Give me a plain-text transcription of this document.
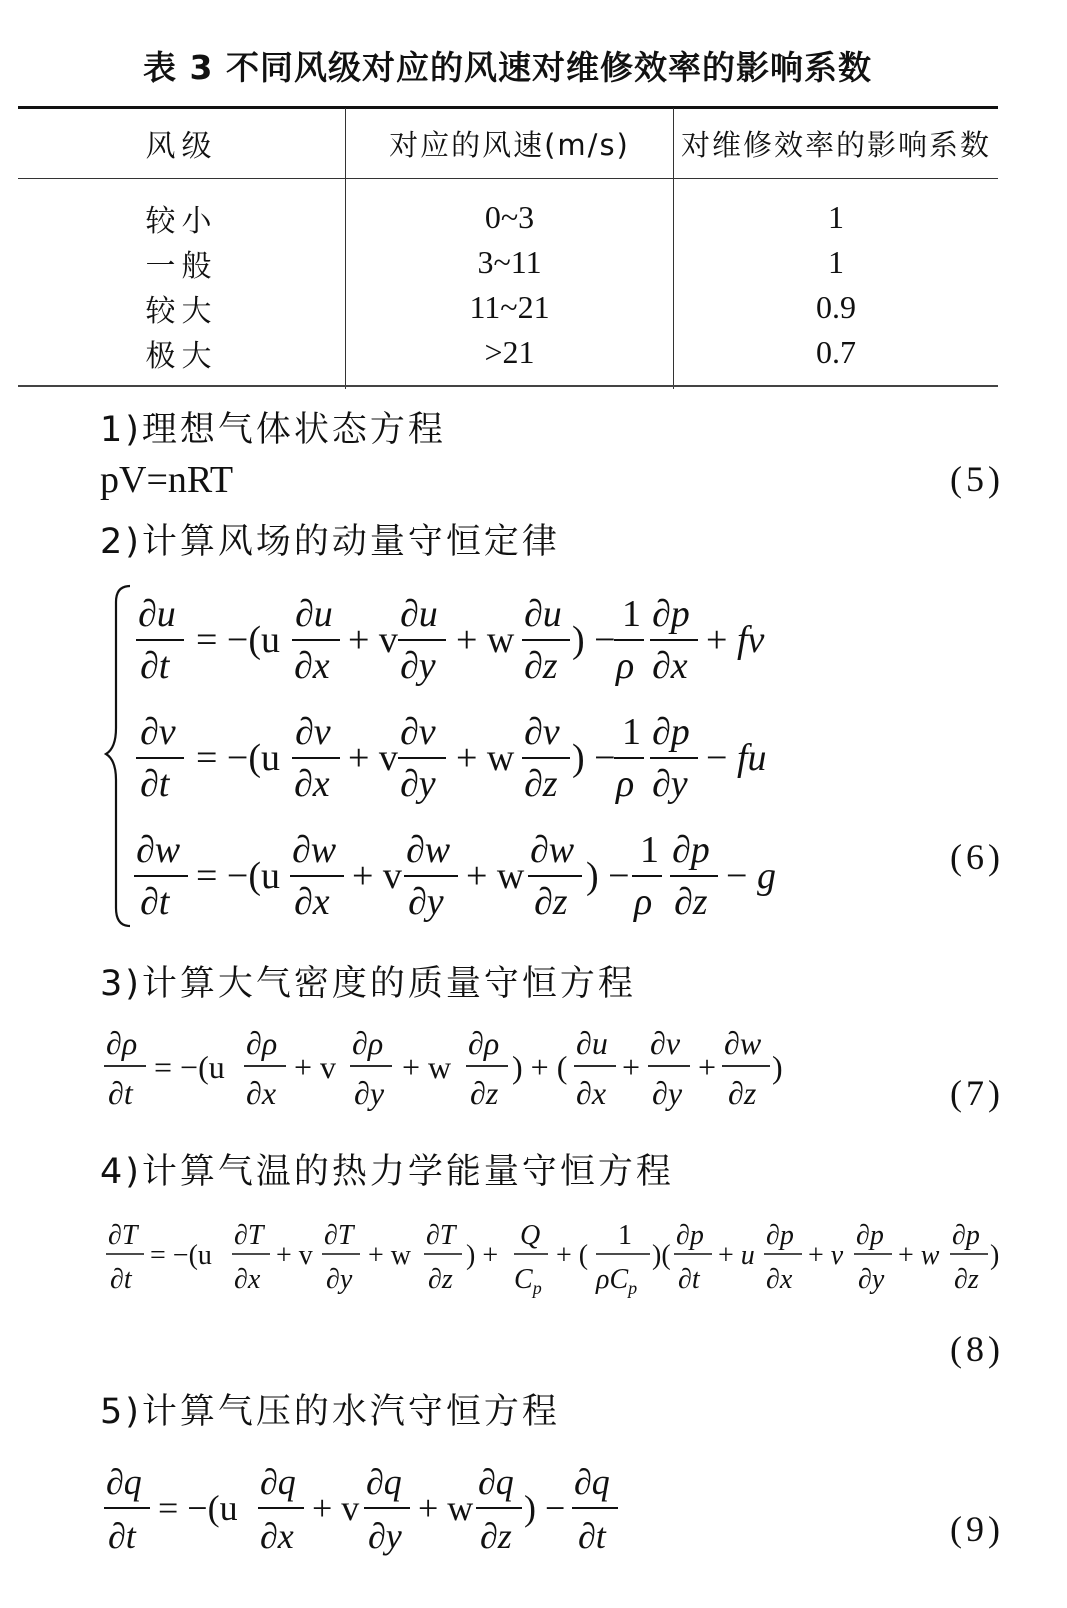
表 3 不同风级对应的风速对维修效率的影响系数
风级	对应的风速(m/s)	对维修效率的影响系数
较小	0~3	1
一般	3~11	1
较大	11~21	0.9
极大	>21	0.7
1)理想气体状态方程
pV=nRT	(5)
2)计算风场的动量守恒定律
∂u
∂t
= −(u
∂u
∂x
+ v
∂u
∂y
+ w
∂u
∂z
) −
1
ρ
∂p
∂x
+ fv
∂v
∂t
= −(u
∂v
∂x
+ v
∂v
∂y
+ w
∂v
∂z
) −
1
ρ
∂p
∂y
− fu
∂w
∂t
= −(u
∂w
∂x
+ v
∂w
∂y
+ w
∂w
∂z
) −
1
ρ
∂p
∂z
− g	(6)
3)计算大气密度的质量守恒方程
∂ρ
∂t
= −(u
∂ρ
∂x
+ v
∂ρ
∂y
+ w
∂ρ
∂z
) + (
∂u
∂x
+
∂v
∂y
+
∂w
∂z
)
(7)
4)计算气温的热力学能量守恒方程
∂T
∂t
= −(u
∂T
∂x
+ v
∂T
∂y
+ w
∂T
∂z
) +
Q
$C_p$
+ (
1
$\rho C_p$
)(
∂p
∂t
+ u
∂p
∂x
+ v
∂p
∂y
+ w
∂p
∂z
)
(8)
5)计算气压的水汽守恒方程
∂q
∂t
= −(u
∂q
∂x
+ v
∂q
∂y
+ w
∂q
∂z
) −
∂q
∂t	(9)
